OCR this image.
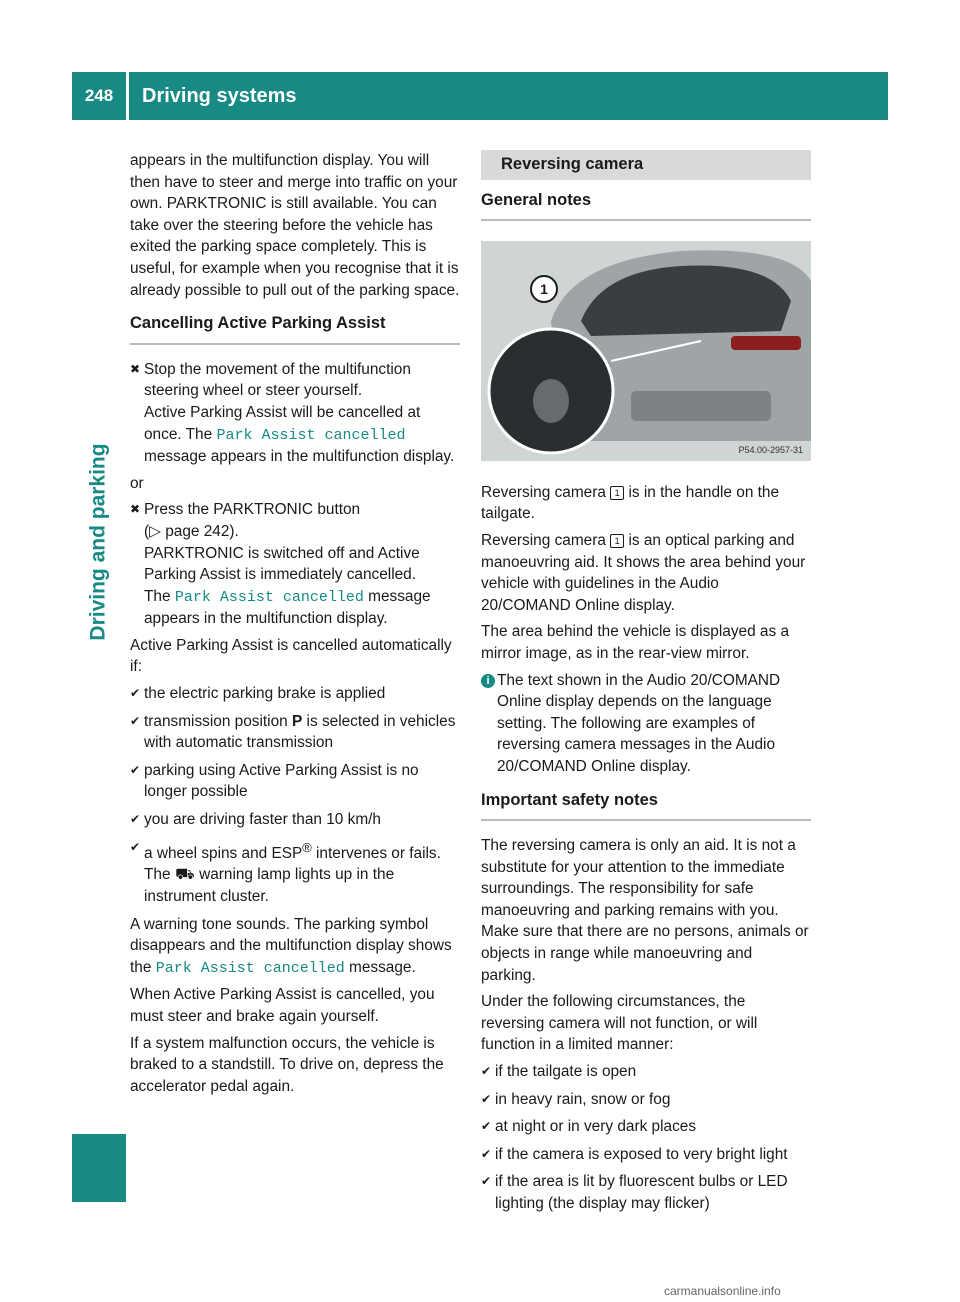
248	Driving systems
Driving and parking

appears in the multifunction display. You will then have to steer and merge into traffic on your own. PARKTRONIC is still available. You can take over the steering before the vehicle has exited the parking space completely. This is useful, for example when you recognise that it is already possible to pull out of the parking space.

Cancelling Active Parking Assist
✖ Stop the movement of the multifunction steering wheel or steer yourself.
Active Parking Assist will be cancelled at once. The Park Assist cancelled message appears in the multifunction display.

or

✖ Press the PARKTRONIC button
(▷ page 242).
PARKTRONIC is switched off and Active Parking Assist is immediately cancelled.
The Park Assist cancelled message appears in the multifunction display.

Active Parking Assist is cancelled automatically if:

✔ the electric parking brake is applied
✔ transmission position P is selected in vehicles with automatic transmission
✔ parking using Active Parking Assist is no longer possible
✔ you are driving faster than 10 km/h
✔ a wheel spins and ESP® intervenes or fails.
The ⛟ warning lamp lights up in the instrument cluster.

A warning tone sounds. The parking symbol disappears and the multifunction display shows the Park Assist cancelled message.

When Active Parking Assist is cancelled, you must steer and brake again yourself.

If a system malfunction occurs, the vehicle is braked to a standstill. To drive on, depress the accelerator pedal again.

Reversing camera
General notes
1
P54.00-2957-31

Reversing camera 1 is in the handle on the tailgate.

Reversing camera 1 is an optical parking and manoeuvring aid. It shows the area behind your vehicle with guidelines in the Audio 20/COMAND Online display.

The area behind the vehicle is displayed as a mirror image, as in the rear-view mirror.

i The text shown in the Audio 20/COMAND Online display depends on the language setting. The following are examples of reversing camera messages in the Audio 20/COMAND Online display.
Important safety notes

The reversing camera is only an aid. It is not a substitute for your attention to the immediate surroundings. The responsibility for safe manoeuvring and parking remains with you. Make sure that there are no persons, animals or objects in range while manoeuvring and parking.

Under the following circumstances, the reversing camera will not function, or will function in a limited manner:

✔ if the tailgate is open
✔ in heavy rain, snow or fog
✔ at night or in very dark places
✔ if the camera is exposed to very bright light
✔ if the area is lit by fluorescent bulbs or LED lighting (the display may flicker)
carmanualsonline.info
